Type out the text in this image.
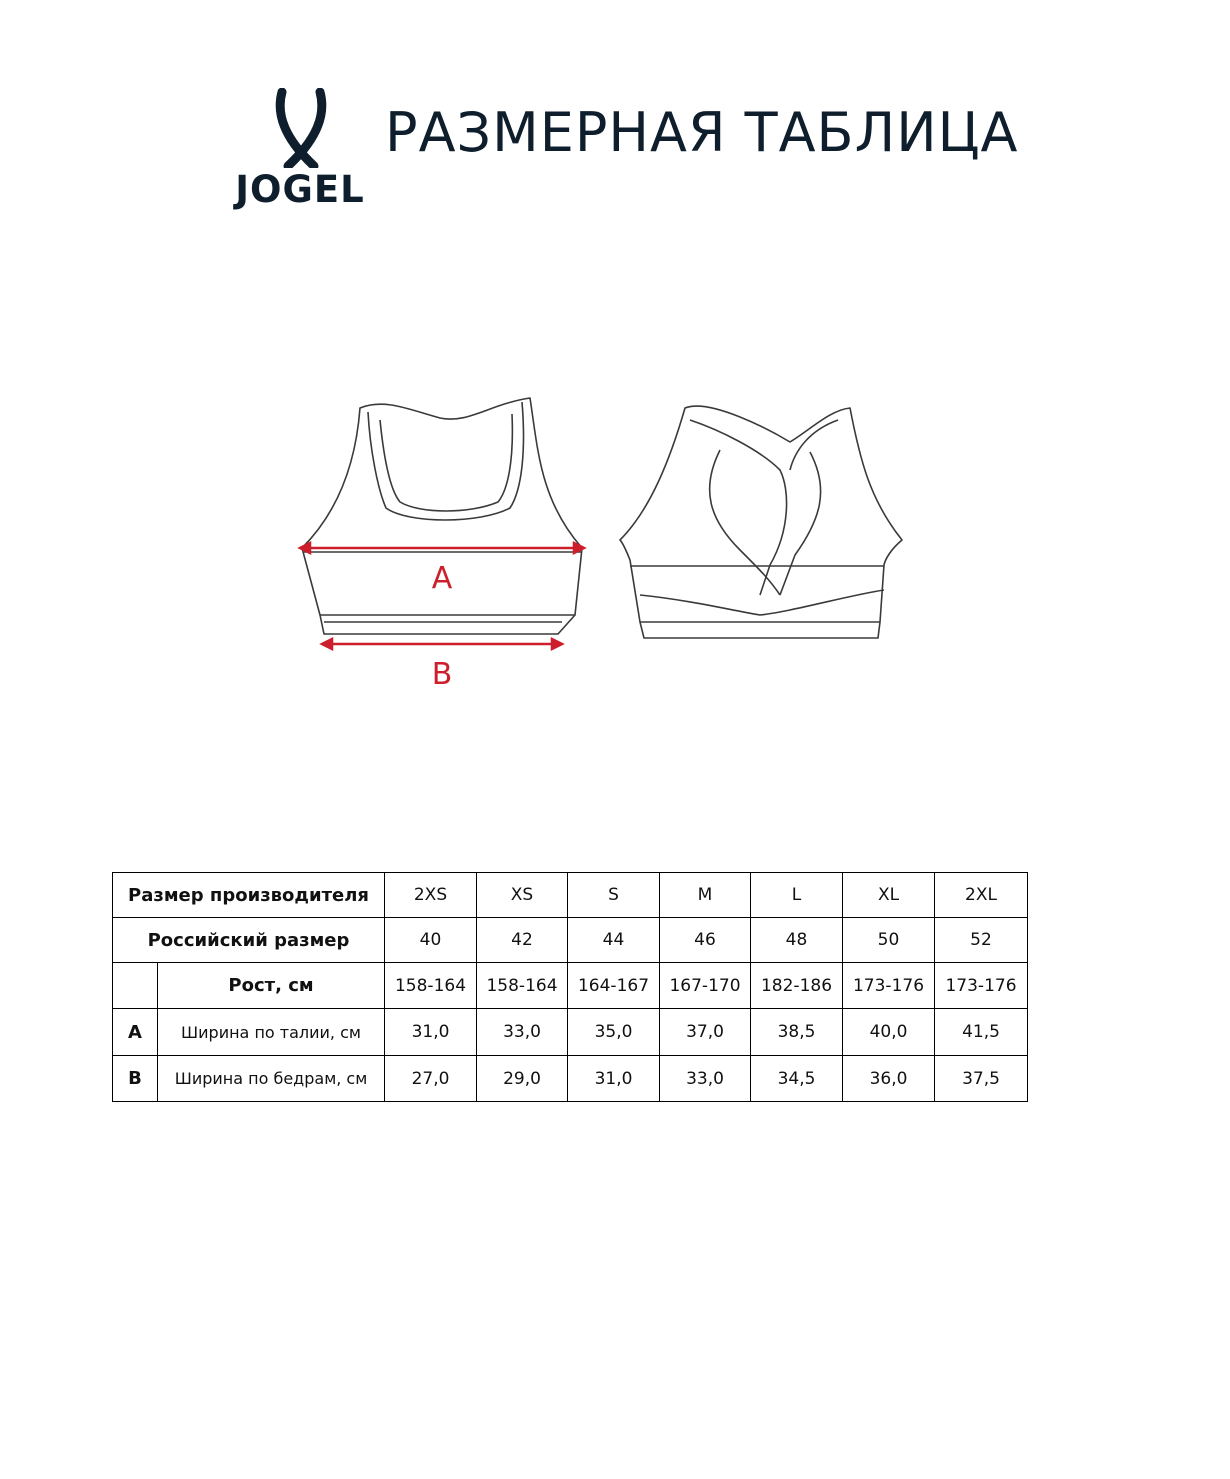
JOGEL
РАЗМЕРНАЯ ТАБЛИЦА
A
B
Размер производителя		2XS	XS	S	M	L	XL	2XL
Российский размер		40	42	44	46	48	50	52
	Рост, см	158-164	158-164	164-167	167-170	182-186	173-176	173-176
A	Ширина по талии, см	31,0	33,0	35,0	37,0	38,5	40,0	41,5
B	Ширина по бедрам, см	27,0	29,0	31,0	33,0	34,5	36,0	37,5
